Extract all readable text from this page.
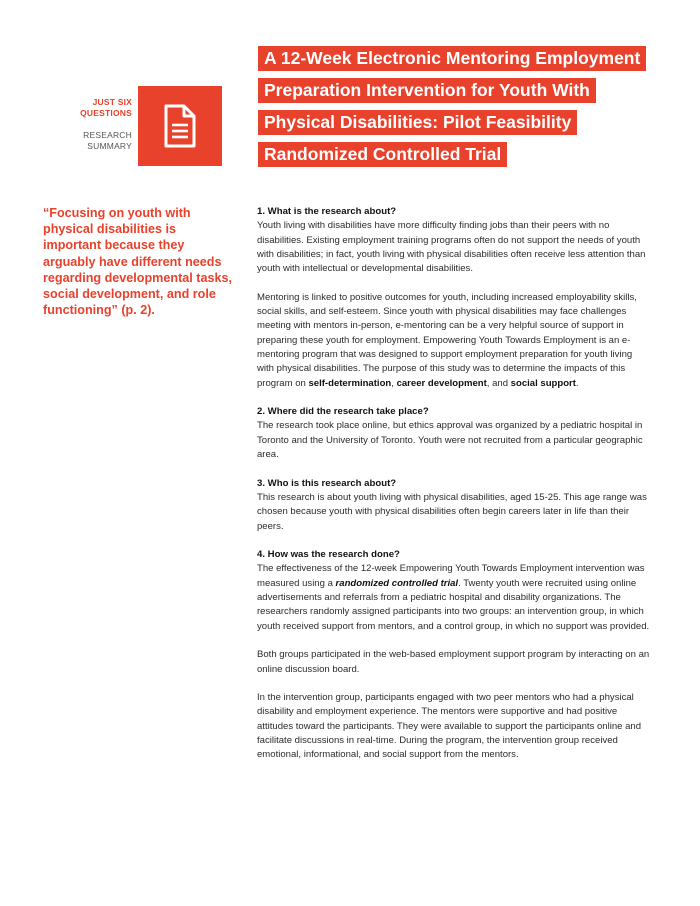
JUST SIX
QUESTIONS
RESEARCH
SUMMARY
A 12-Week Electronic Mentoring Employment
Preparation Intervention for Youth With
Physical Disabilities: Pilot Feasibility
Randomized Controlled Trial
“Focusing on youth with physical disabilities is important because they arguably have different needs regarding developmental tasks, social development, and role functioning” (p. 2).
1. What is the research about?

Youth living with disabilities have more difficulty finding jobs than their peers with no disabilities. Existing employment training programs often do not support the needs of youth with disabilities; in fact, youth living with physical disabilities often receive less attention than youth with intellectual or developmental disabilities.

Mentoring is linked to positive outcomes for youth, including increased employability skills, social skills, and self-esteem. Since youth with physical disabilities may face challenges meeting with mentors in-person, e-mentoring can be a very helpful source of support in preparing these youth for employment. Empowering Youth Towards Employment is an e-mentoring program that was designed to support employment preparation for youth living with physical disabilities. The purpose of this study was to determine the impacts of this program on self-determination, career development, and social support.

2. Where did the research take place?

The research took place online, but ethics approval was organized by a pediatric hospital in Toronto and the University of Toronto. Youth were not recruited from a particular geographic area.

3. Who is this research about?

This research is about youth living with physical disabilities, aged 15-25. This age range was chosen because youth with physical disabilities often begin careers later in life than their peers.

4. How was the research done?

The effectiveness of the 12-week Empowering Youth Towards Employment intervention was measured using a randomized controlled trial. Twenty youth were recruited using online advertisements and referrals from a pediatric hospital and disability organizations. The researchers randomly assigned participants into two groups: an intervention group, in which youth received support from mentors, and a control group, in which no support was provided.

Both groups participated in the web-based employment support program by interacting on an online discussion board.

In the intervention group, participants engaged with two peer mentors who had a physical disability and employment experience. The mentors were supportive and had positive attitudes toward the participants. They were available to support the participants online and facilitate discussions in real-time. During the program, the intervention group received emotional, informational, and social support from the mentors.
